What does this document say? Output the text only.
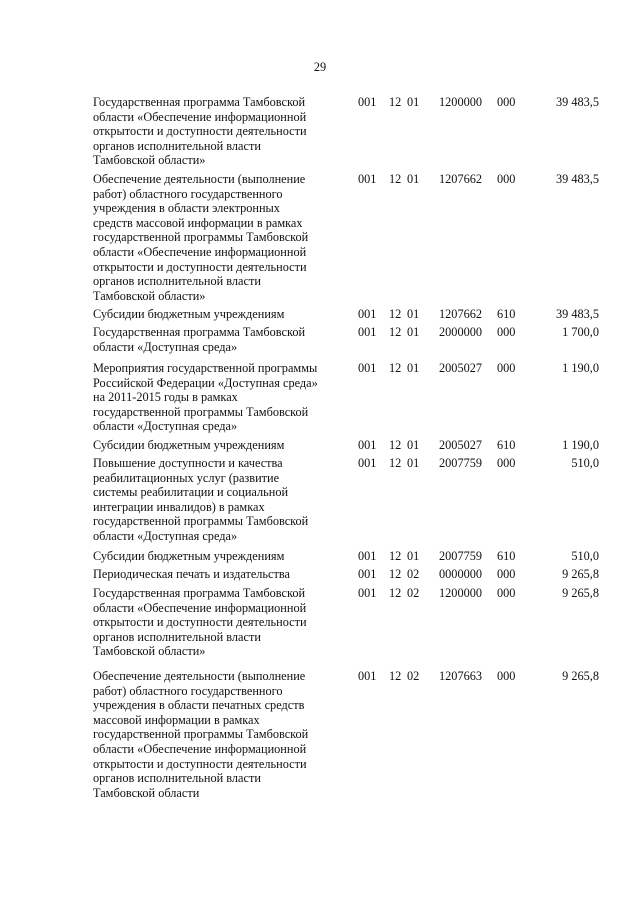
29
Государственная программа Тамбовской
области «Обеспечение информационной
открытости и доступности деятельности
органов исполнительной власти
Тамбовской области»
001 12 01 1200000 000	39 483,5
Обеспечение деятельности (выполнение
работ) областного государственного
учреждения в области электронных
средств массовой информации в рамках
государственной программы Тамбовской
области «Обеспечение информационной
открытости и доступности деятельности
органов исполнительной власти
Тамбовской области»
001 12 01 1207662 000	39 483,5
Субсидии бюджетным учреждениям	001 12 01 1207662 610	39 483,5
Государственная программа Тамбовской
области «Доступная среда»
001 12 01 2000000 000	1 700,0
Мероприятия государственной программы
Российской Федерации «Доступная среда»
на 2011-2015 годы в рамках
государственной программы Тамбовской
области «Доступная среда»
001 12 01 2005027 000	1 190,0
Субсидии бюджетным учреждениям	001 12 01 2005027 610	1 190,0
Повышение доступности и качества
реабилитационных услуг (развитие
системы реабилитации и социальной
интеграции инвалидов) в рамках
государственной программы Тамбовской
области «Доступная среда»
001 12 01 2007759 000	510,0
Субсидии бюджетным учреждениям	001 12 01 2007759 610	510,0
Периодическая печать и издательства	001 12 02 0000000 000	9 265,8
Государственная программа Тамбовской
области «Обеспечение информационной
открытости и доступности деятельности
органов исполнительной власти
Тамбовской области»
001 12 02 1200000 000	9 265,8
Обеспечение деятельности (выполнение
работ) областного государственного
учреждения в области печатных средств
массовой информации в рамках
государственной программы Тамбовской
области «Обеспечение информационной
открытости и доступности деятельности
органов исполнительной власти
Тамбовской области
001 12 02 1207663 000	9 265,8
